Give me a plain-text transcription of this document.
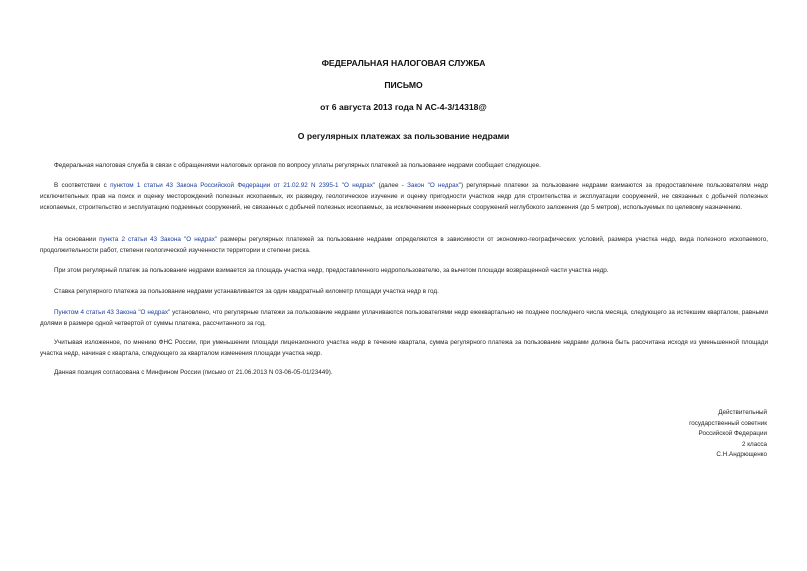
ФЕДЕРАЛЬНАЯ НАЛОГОВАЯ СЛУЖБА
ПИСЬМО
от 6 августа 2013 года N АС-4-3/14318@
О регулярных платежах за пользование недрами
Федеральная налоговая служба в связи с обращениями налоговых органов по вопросу уплаты регулярных платежей за пользование недрами сообщает следующее.
В соответствии с пунктом 1 статьи 43 Закона Российской Федерации от 21.02.92 N 2395-1 "О недрах" (далее - Закон "О недрах") регулярные платежи за пользование недрами взимаются за предоставление пользователям недр исключительных прав на поиск и оценку месторождений полезных ископаемых, их разведку, геологическое изучение и оценку пригодности участков недр для строительства и эксплуатации сооружений, не связанных с добычей полезных ископаемых, строительство и эксплуатацию подземных сооружений, не связанных с добычей полезных ископаемых, за исключением инженерных сооружений неглубокого заложения (до 5 метров), используемых по целевому назначению.
На основании пункта 2 статьи 43 Закона "О недрах" размеры регулярных платежей за пользование недрами определяются в зависимости от экономико-географических условий, размера участка недр, вида полезного ископаемого, продолжительности работ, степени геологической изученности территории и степени риска.
При этом регулярный платеж за пользование недрами взимается за площадь участка недр, предоставленного недропользователю, за вычетом площади возвращенной части участка недр.
Ставка регулярного платежа за пользование недрами устанавливается за один квадратный километр площади участка недр в год.
Пунктом 4 статьи 43 Закона "О недрах" установлено, что регулярные платежи за пользование недрами уплачиваются пользователями недр ежеквартально не позднее последнего числа месяца, следующего за истекшим кварталом, равными долями в размере одной четвертой от суммы платежа, рассчитанного за год.
Учитывая изложенное, по мнению ФНС России, при уменьшении площади лицензионного участка недр в течение квартала, сумма регулярного платежа за пользование недрами должна быть рассчитана исходя из уменьшенной площади участка недр, начиная с квартала, следующего за кварталом изменения площади участка недр.
Данная позиция согласована с Минфином России (письмо от 21.06.2013 N 03-06-05-01/23449).
Действительный
государственный советник
Российской Федерации
2 класса
С.Н.Андрющенко
